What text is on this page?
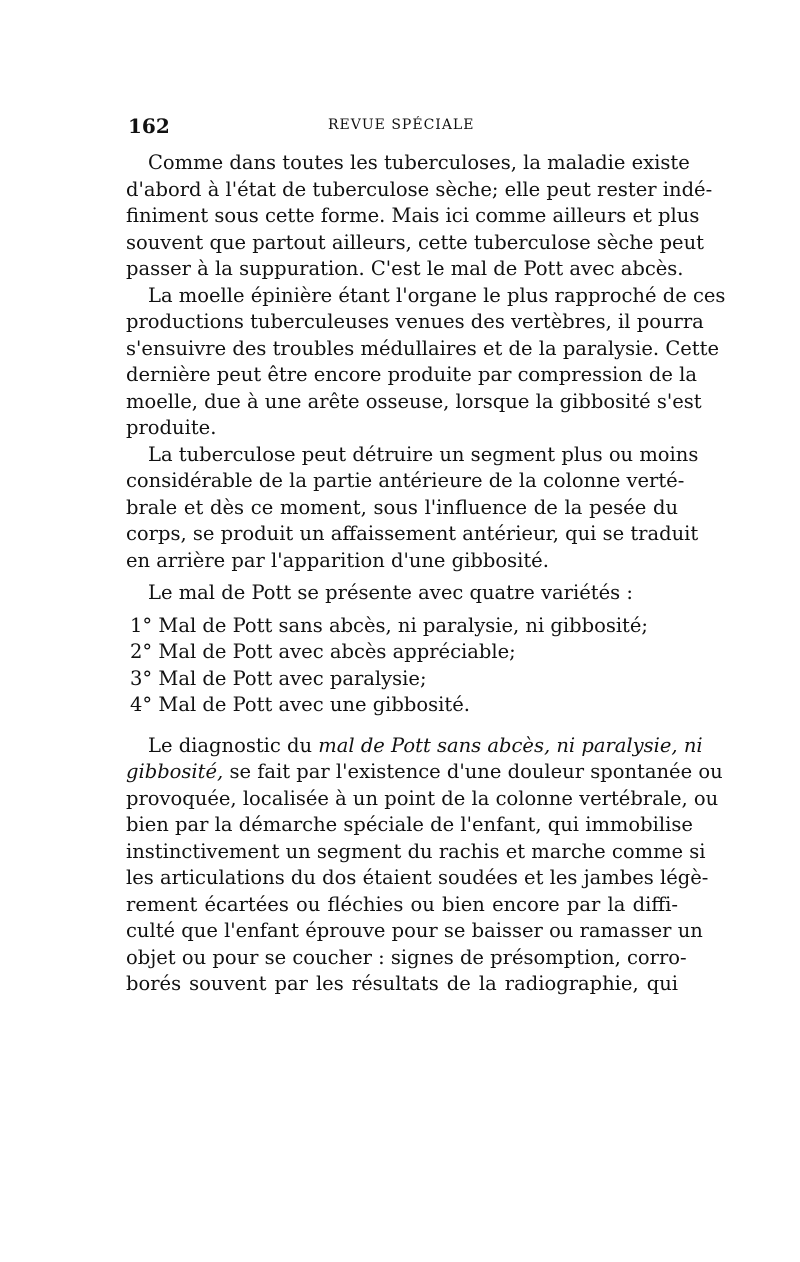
162	REVUE SPÉCIALE
Comme dans toutes les tuberculoses, la maladie existe
d'abord à l'état de tuberculose sèche; elle peut rester indé-
finiment sous cette forme. Mais ici comme ailleurs et plus
souvent que partout ailleurs, cette tuberculose sèche peut
passer à la suppuration. C'est le mal de Pott avec abcès.
La moelle épinière étant l'organe le plus rapproché de ces
productions tuberculeuses venues des vertèbres, il pourra
s'ensuivre des troubles médullaires et de la paralysie. Cette
dernière peut être encore produite par compression de la
moelle, due à une arête osseuse, lorsque la gibbosité s'est
produite.
La tuberculose peut détruire un segment plus ou moins
considérable de la partie antérieure de la colonne verté-
brale et dès ce moment, sous l'influence de la pesée du
corps, se produit un affaissement antérieur, qui se traduit
en arrière par l'apparition d'une gibbosité.
Le mal de Pott se présente avec quatre variétés :
1° Mal de Pott sans abcès, ni paralysie, ni gibbosité;
2° Mal de Pott avec abcès appréciable;
3° Mal de Pott avec paralysie;
4° Mal de Pott avec une gibbosité.
Le diagnostic du mal de Pott sans abcès, ni paralysie, ni
gibbosité, se fait par l'existence d'une douleur spontanée ou
provoquée, localisée à un point de la colonne vertébrale, ou
bien par la démarche spéciale de l'enfant, qui immobilise
instinctivement un segment du rachis et marche comme si
les articulations du dos étaient soudées et les jambes légè-
rement écartées ou fléchies ou bien encore par la diffi-
culté que l'enfant éprouve pour se baisser ou ramasser un
objet ou pour se coucher : signes de présomption, corro-
borés souvent par les résultats de la radiographie, qui
